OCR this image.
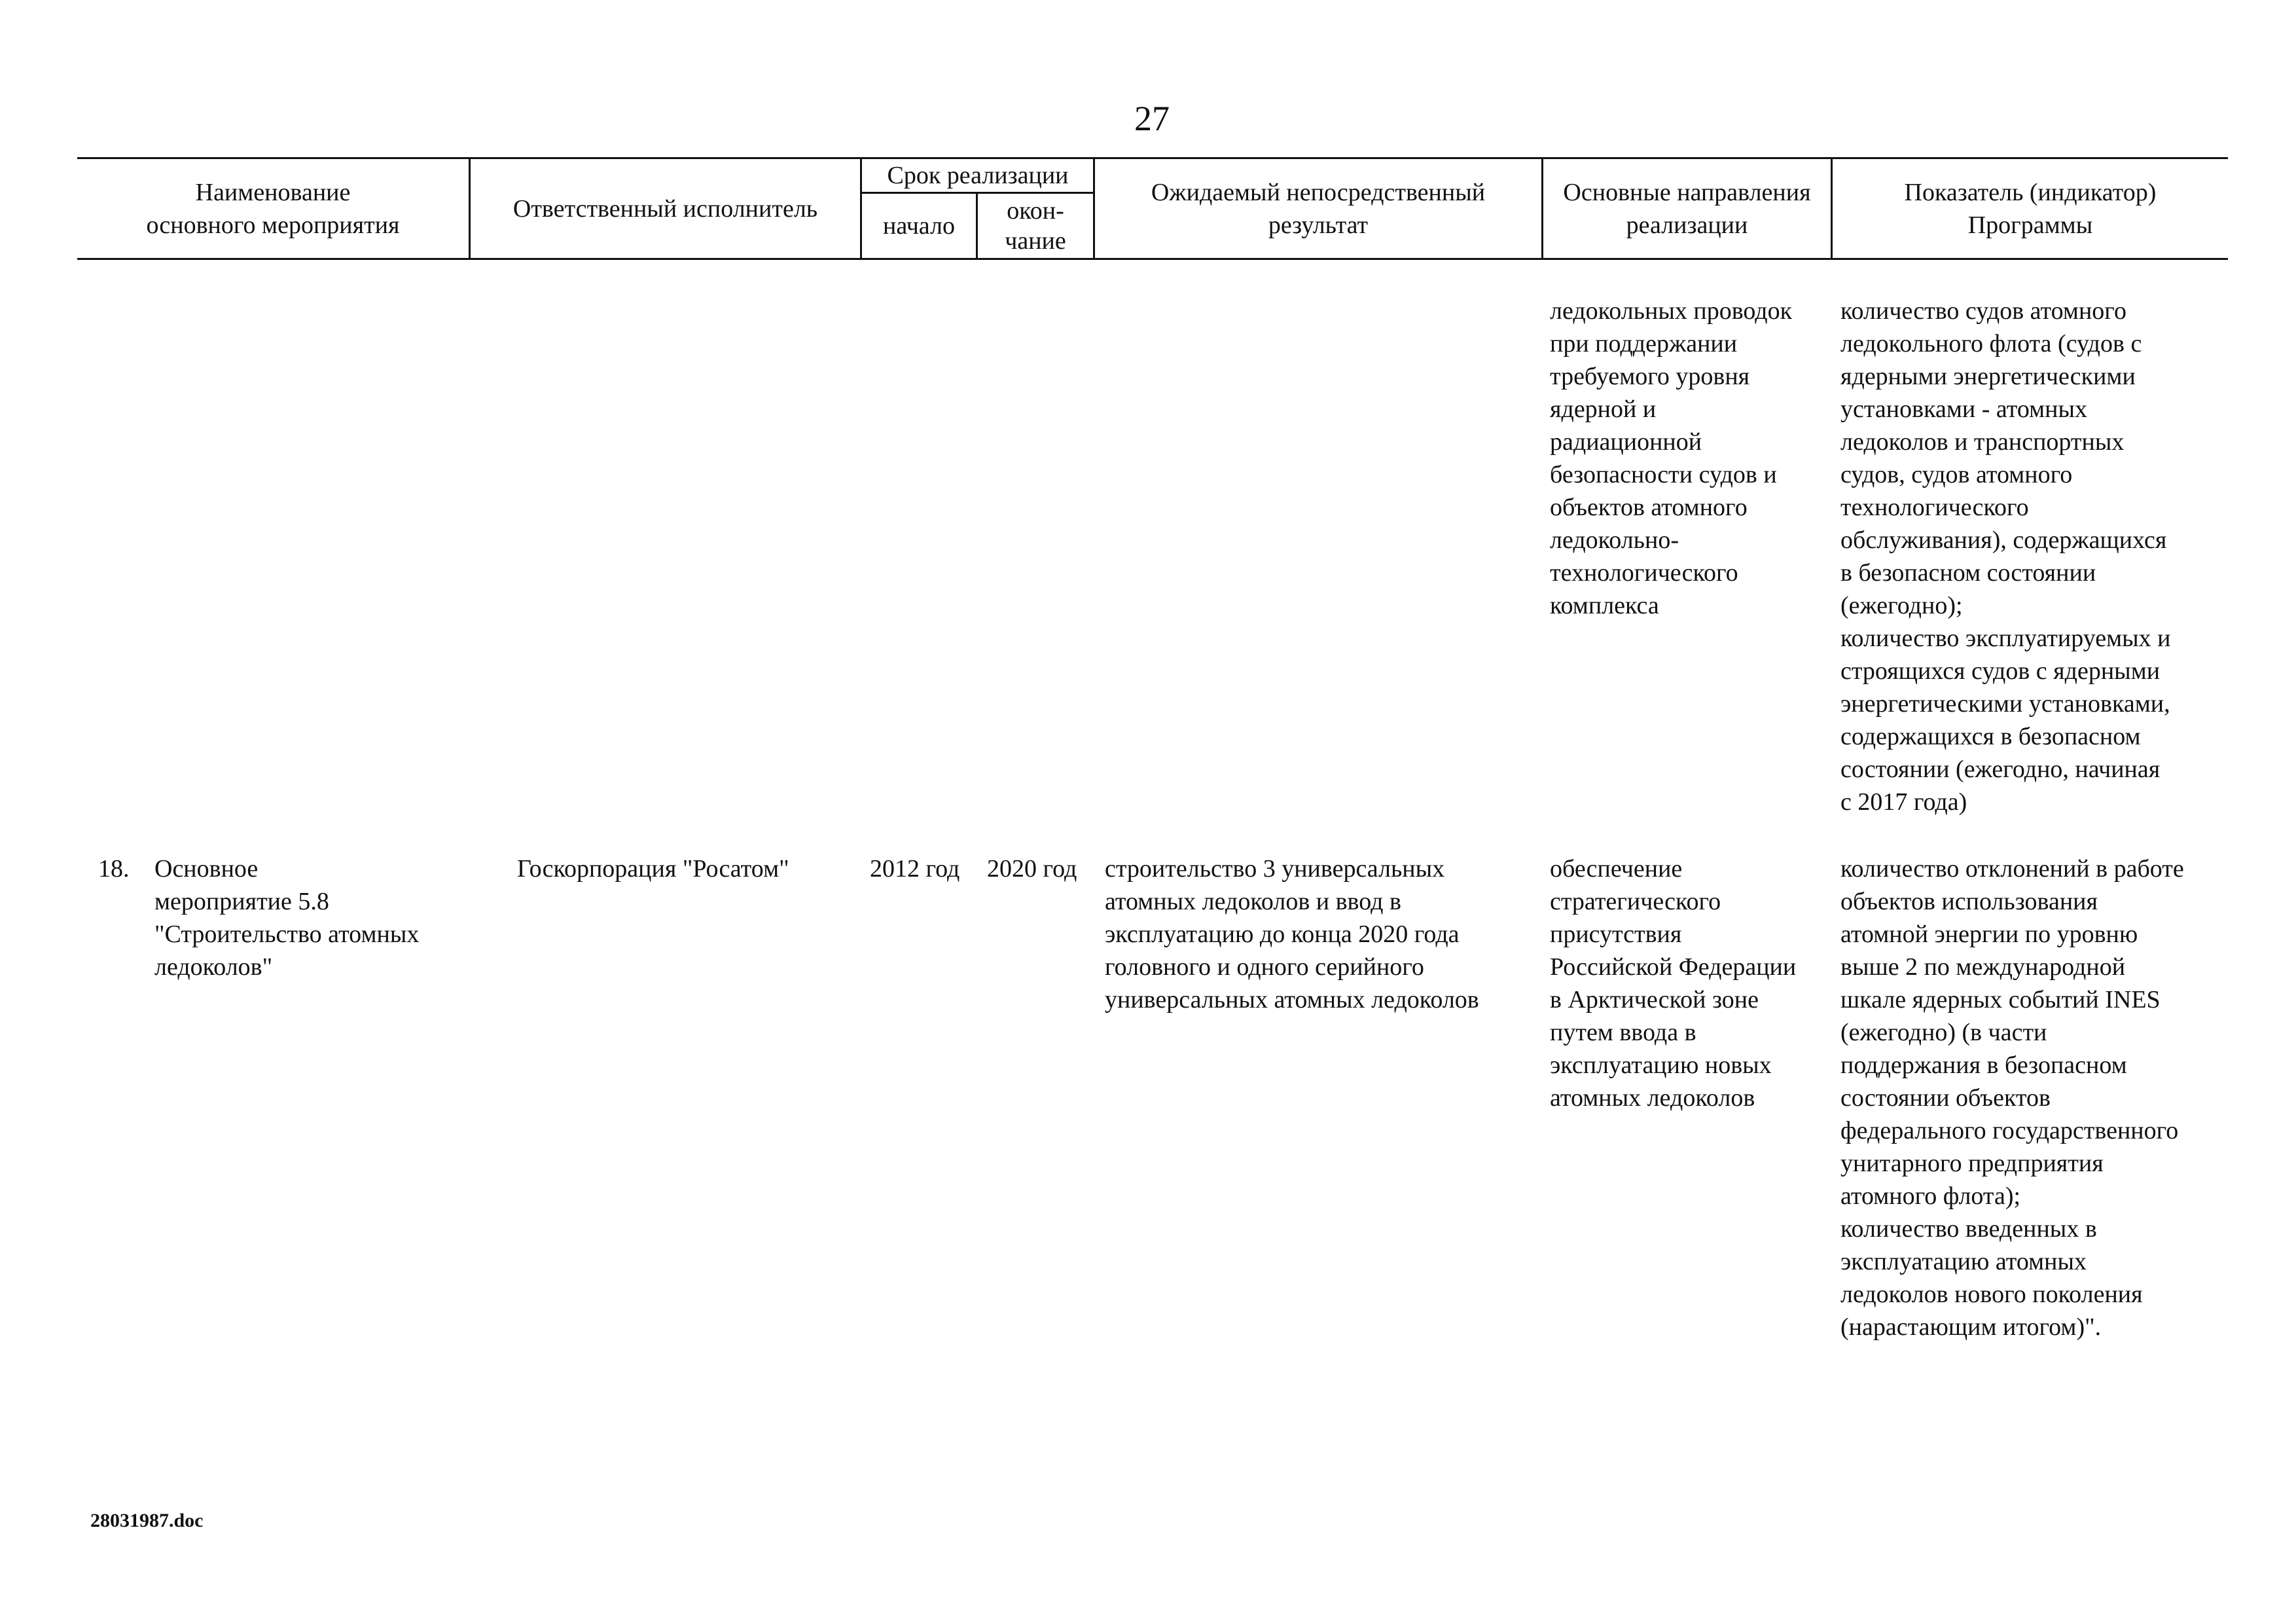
27
Наименование
основного мероприятия
Ответственный исполнитель
Срок реализации
начало
окон-
чание
Ожидаемый непосредственный
результат
Основные направления
реализации
Показатель (индикатор)
Программы
ледокольных проводок
при поддержании
требуемого уровня
ядерной и
радиационной
безопасности судов и
объектов атомного
ледокольно-
технологического
комплекса
количество судов атомного
ледокольного флота (судов с
ядерными энергетическими
установками - атомных
ледоколов и транспортных
судов, судов атомного
технологического
обслуживания), содержащихся
в безопасном состоянии
(ежегодно);
количество эксплуатируемых и
строящихся судов с ядерными
энергетическими установками,
содержащихся в безопасном
состоянии (ежегодно, начиная
с 2017 года)
18. Основное
мероприятие 5.8
"Строительство атомных
ледоколов"
Госкорпорация "Росатом"	2012 год 2020 год строительство 3 универсальных
атомных ледоколов и ввод в
эксплуатацию до конца 2020 года
головного и одного серийного
универсальных атомных ледоколов
обеспечение
стратегического
присутствия
Российской Федерации
в Арктической зоне
путем ввода в
эксплуатацию новых
атомных ледоколов
количество отклонений в работе
объектов использования
атомной энергии по уровню
выше 2 по международной
шкале ядерных событий INES
(ежегодно) (в части
поддержания в безопасном
состоянии объектов
федерального государственного
унитарного предприятия
атомного флота);
количество введенных в
эксплуатацию атомных
ледоколов нового поколения
(нарастающим итогом)".
28031987.doc
